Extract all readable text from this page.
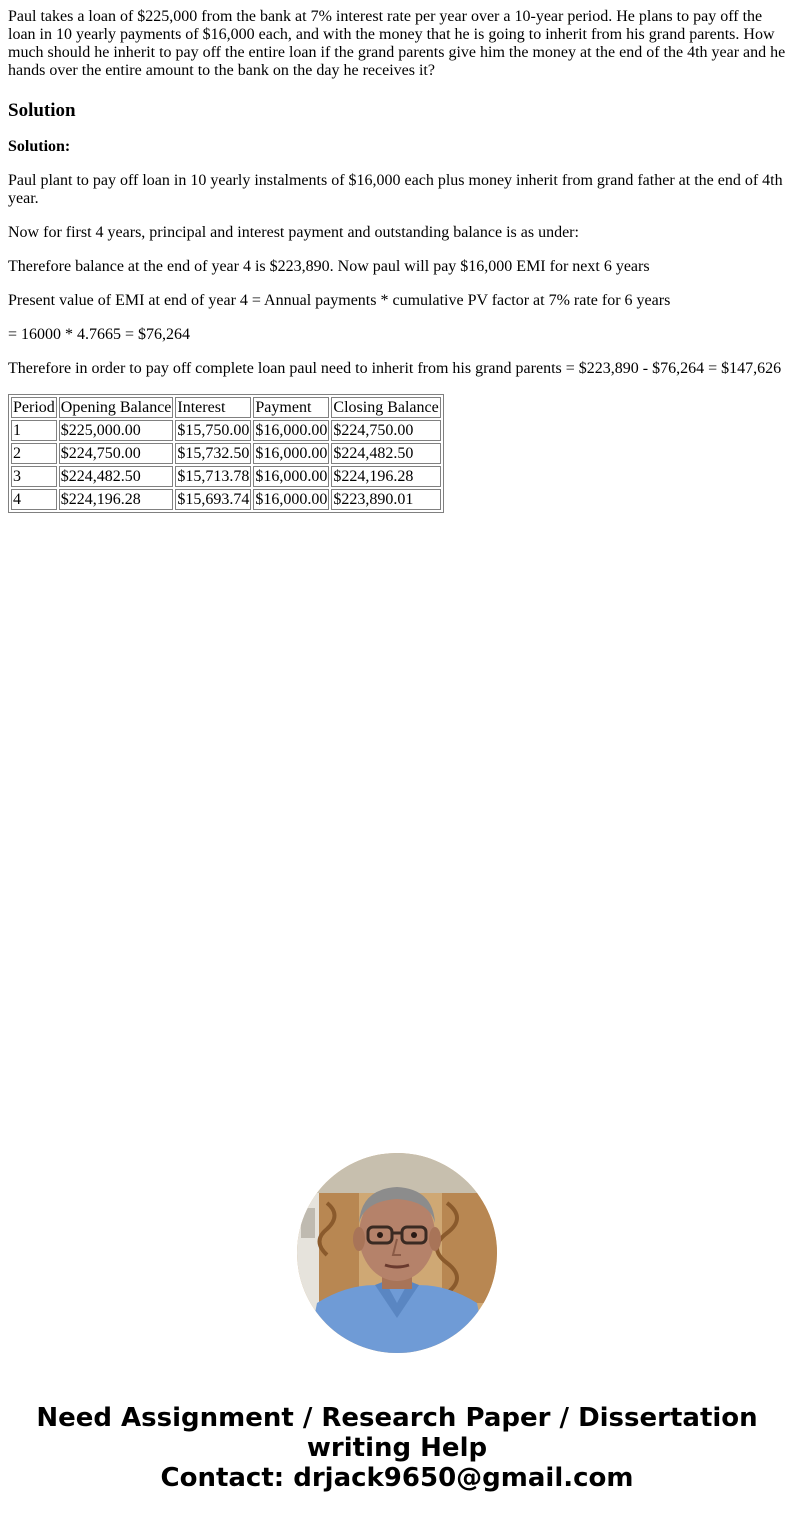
Paul takes a loan of $225,000 from the bank at 7% interest rate per year over a 10-year period. He plans to pay off the loan in 10 yearly payments of $16,000 each, and with the money that he is going to inherit from his grand parents. How much should he inherit to pay off the entire loan if the grand parents give him the money at the end of the 4th year and he hands over the entire amount to the bank on the day he receives it?

Solution

Solution:

Paul plant to pay off loan in 10 yearly instalments of $16,000 each plus money inherit from grand father at the end of 4th year.

Now for first 4 years, principal and interest payment and outstanding balance is as under:

Therefore balance at the end of year 4 is $223,890. Now paul will pay $16,000 EMI for next 6 years

Present value of EMI at end of year 4 = Annual payments * cumulative PV factor at 7% rate for 6 years

= 16000 * 4.7665 = $76,264

Therefore in order to pay off complete loan paul need to inherit from his grand parents = $223,890 - $76,264 = $147,626

Period	Opening Balance	Interest	Payment	Closing Balance
1	$225,000.00	$15,750.00	$16,000.00	$224,750.00
2	$224,750.00	$15,732.50	$16,000.00	$224,482.50
3	$224,482.50	$15,713.78	$16,000.00	$224,196.28
4	$224,196.28	$15,693.74	$16,000.00	$223,890.01
Need Assignment / Research Paper / Dissertation
writing Help
Contact: drjack9650@gmail.com
